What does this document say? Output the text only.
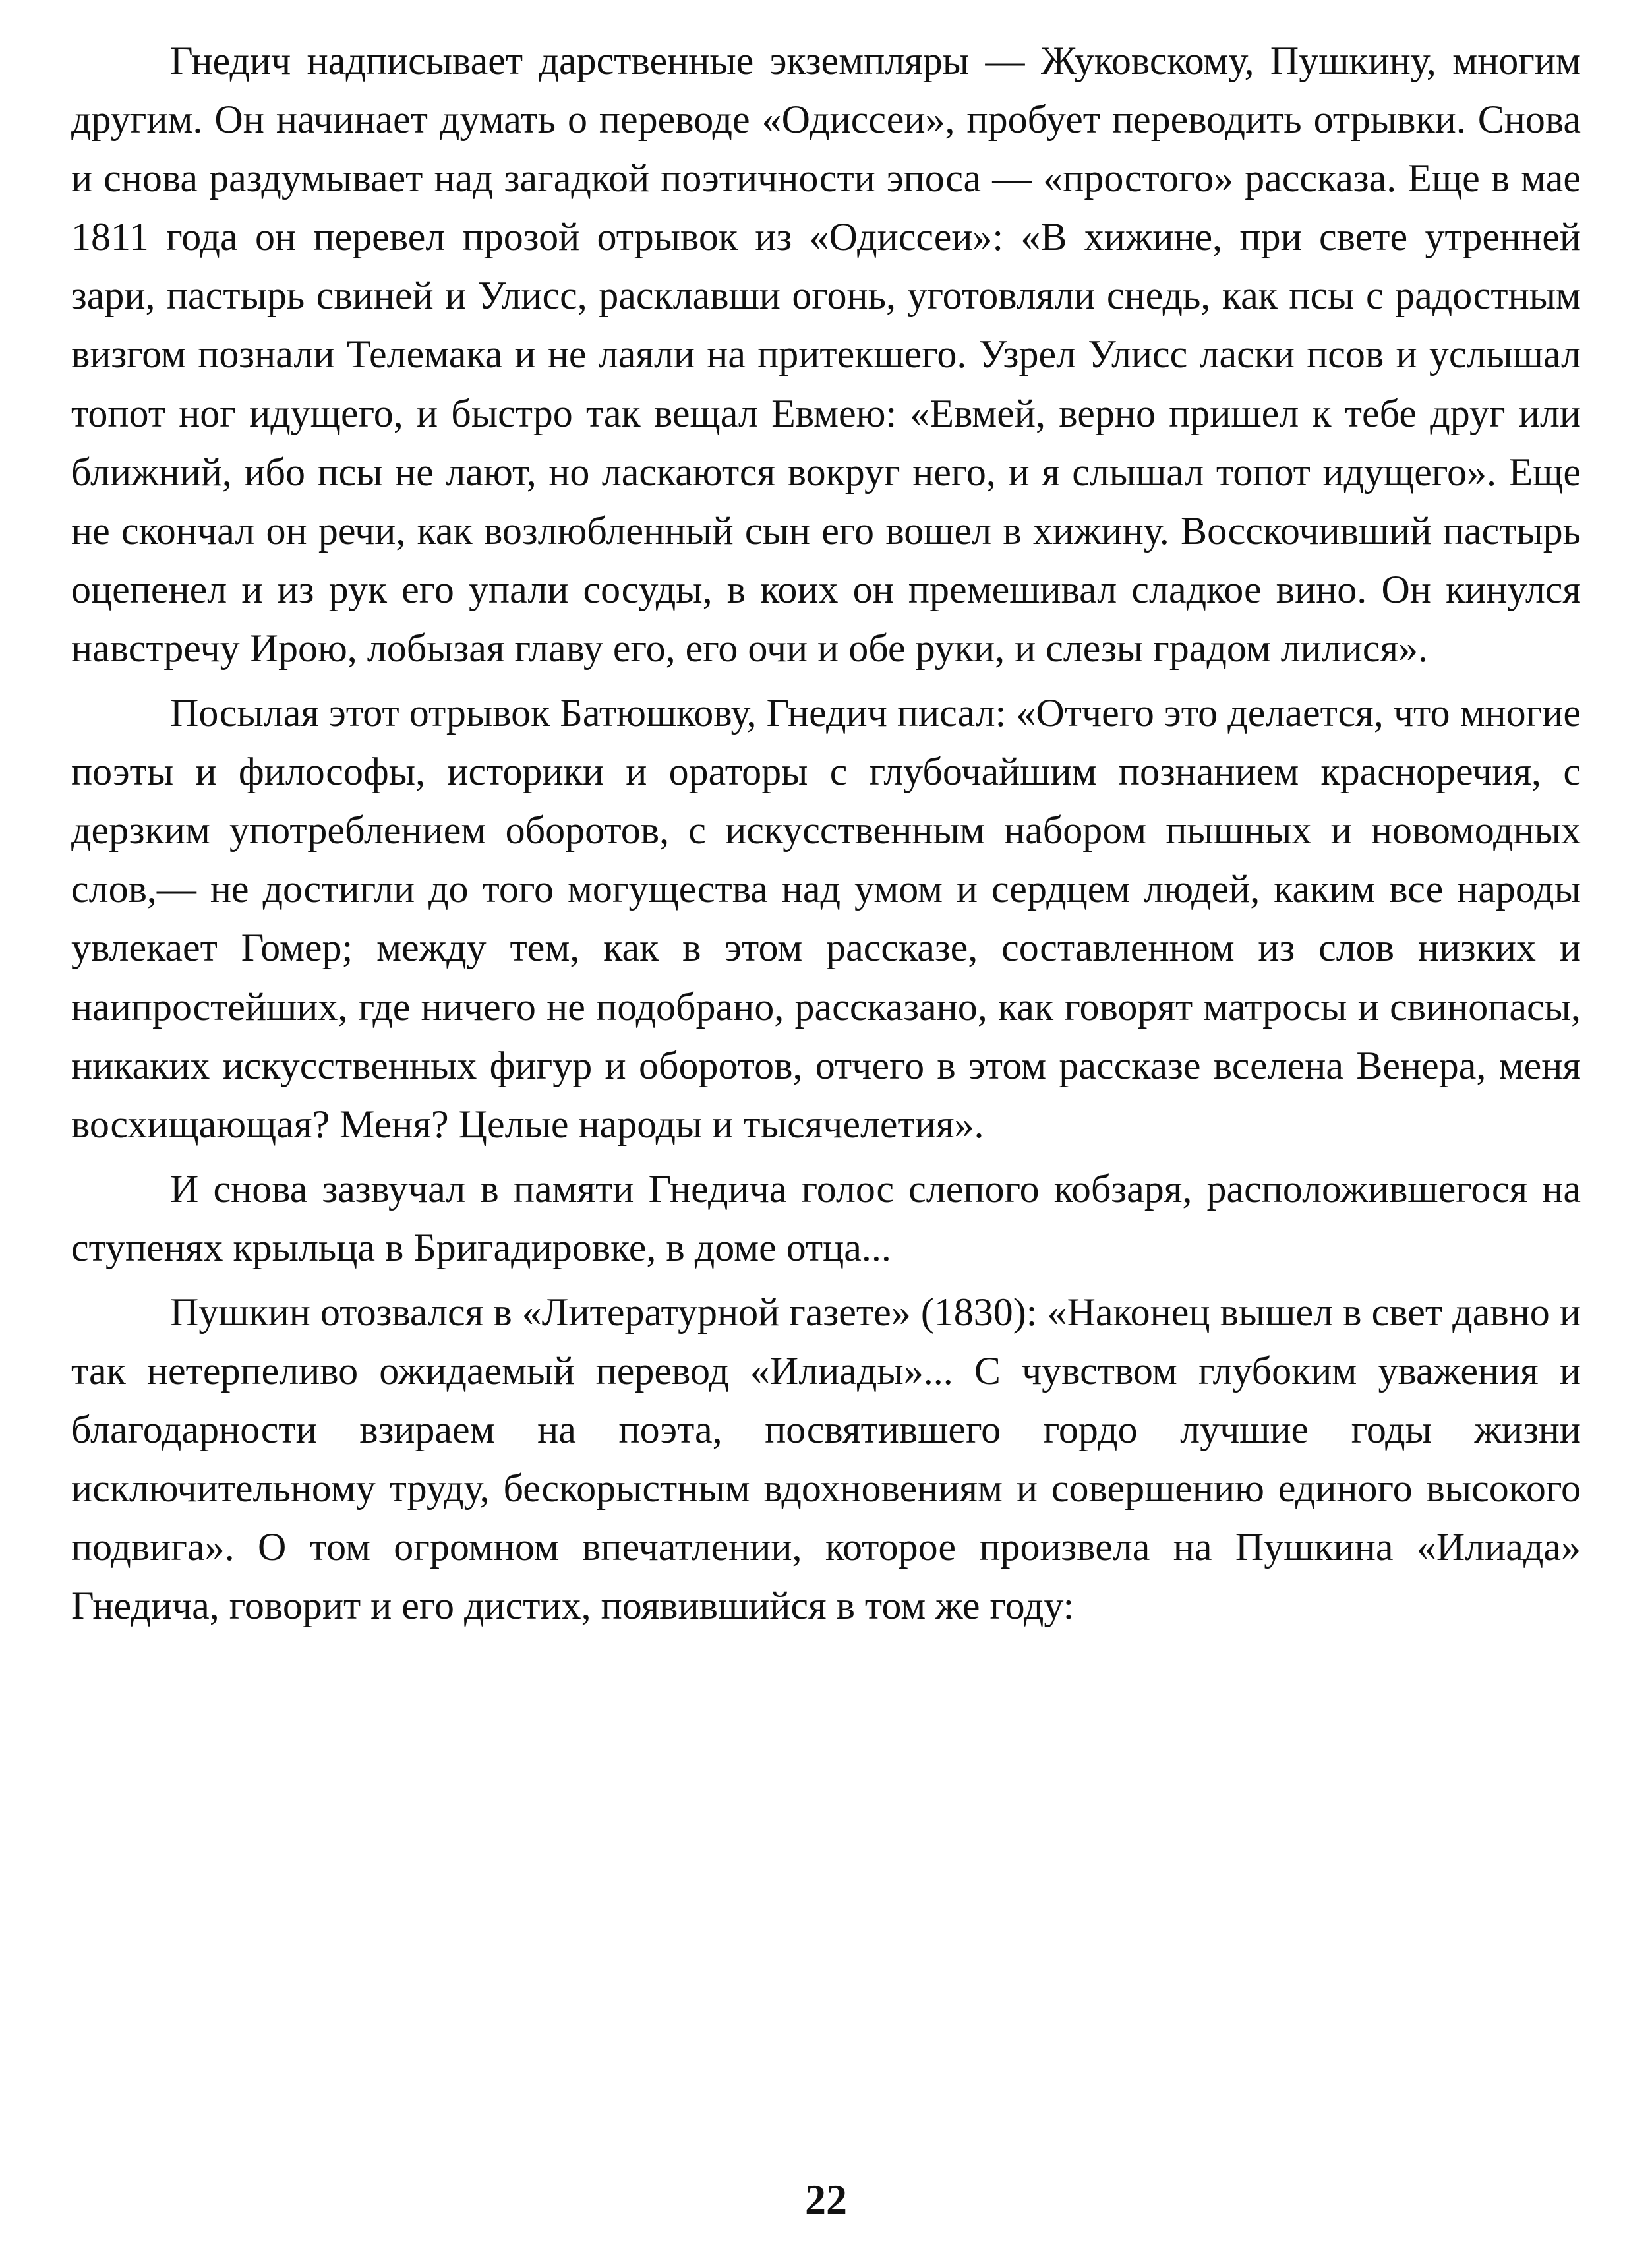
Гнедич надписывает дарственные экземпляры — Жуковскому, Пушкину, многим другим. Он начинает думать о переводе «Одиссеи», пробует переводить отрывки. Снова и снова раздумывает над загадкой поэтичности эпоса — «простого» рассказа. Еще в мае 1811 года он перевел прозой отрывок из «Одиссеи»: «В хижине, при свете утренней зари, пастырь свиней и Улисс, расклавши огонь, уготовляли снедь, как псы с радостным визгом познали Телемака и не лаяли на притекшего. Узрел Улисс ласки псов и услышал топот ног идущего, и быстро так вещал Евмею: «Евмей, верно пришел к тебе друг или ближний, ибо псы не лают, но ласкаются вокруг него, и я слышал топот идущего». Еще не скончал он речи, как возлюбленный сын его вошел в хижину. Восскочивший пастырь оцепенел и из рук его упали сосуды, в коих он премешивал сладкое вино. Он кинулся навстречу Ирою, лобызая главу его, его очи и обе руки, и слезы градом лилися».

Посылая этот отрывок Батюшкову, Гнедич писал: «Отчего это делается, что многие поэты и философы, историки и ораторы с глубочайшим познанием красноречия, с дерзким употреблением оборотов, с искусственным набором пышных и новомодных слов,— не достигли до того могущества над умом и сердцем людей, каким все народы увлекает Гомер; между тем, как в этом рассказе, составленном из слов низких и наипростейших, где ничего не подобрано, рассказано, как говорят матросы и свинопасы, никаких искусственных фигур и оборотов, отчего в этом рассказе вселена Венера, меня восхищающая? Меня? Целые народы и тысячелетия».

И снова зазвучал в памяти Гнедича голос слепого кобзаря, расположившегося на ступенях крыльца в Бригадировке, в доме отца...

Пушкин отозвался в «Литературной газете» (1830): «Наконец вышел в свет давно и так нетерпеливо ожидаемый перевод «Илиады»... С чувством глубоким уважения и благодарности взираем на поэта, посвятившего гордо лучшие годы жизни исключительному труду, бескорыстным вдохновениям и совершению единого высокого подвига». О том огромном впечатлении, которое произвела на Пушкина «Илиада» Гнедича, говорит и его дистих, появившийся в том же году:

22
